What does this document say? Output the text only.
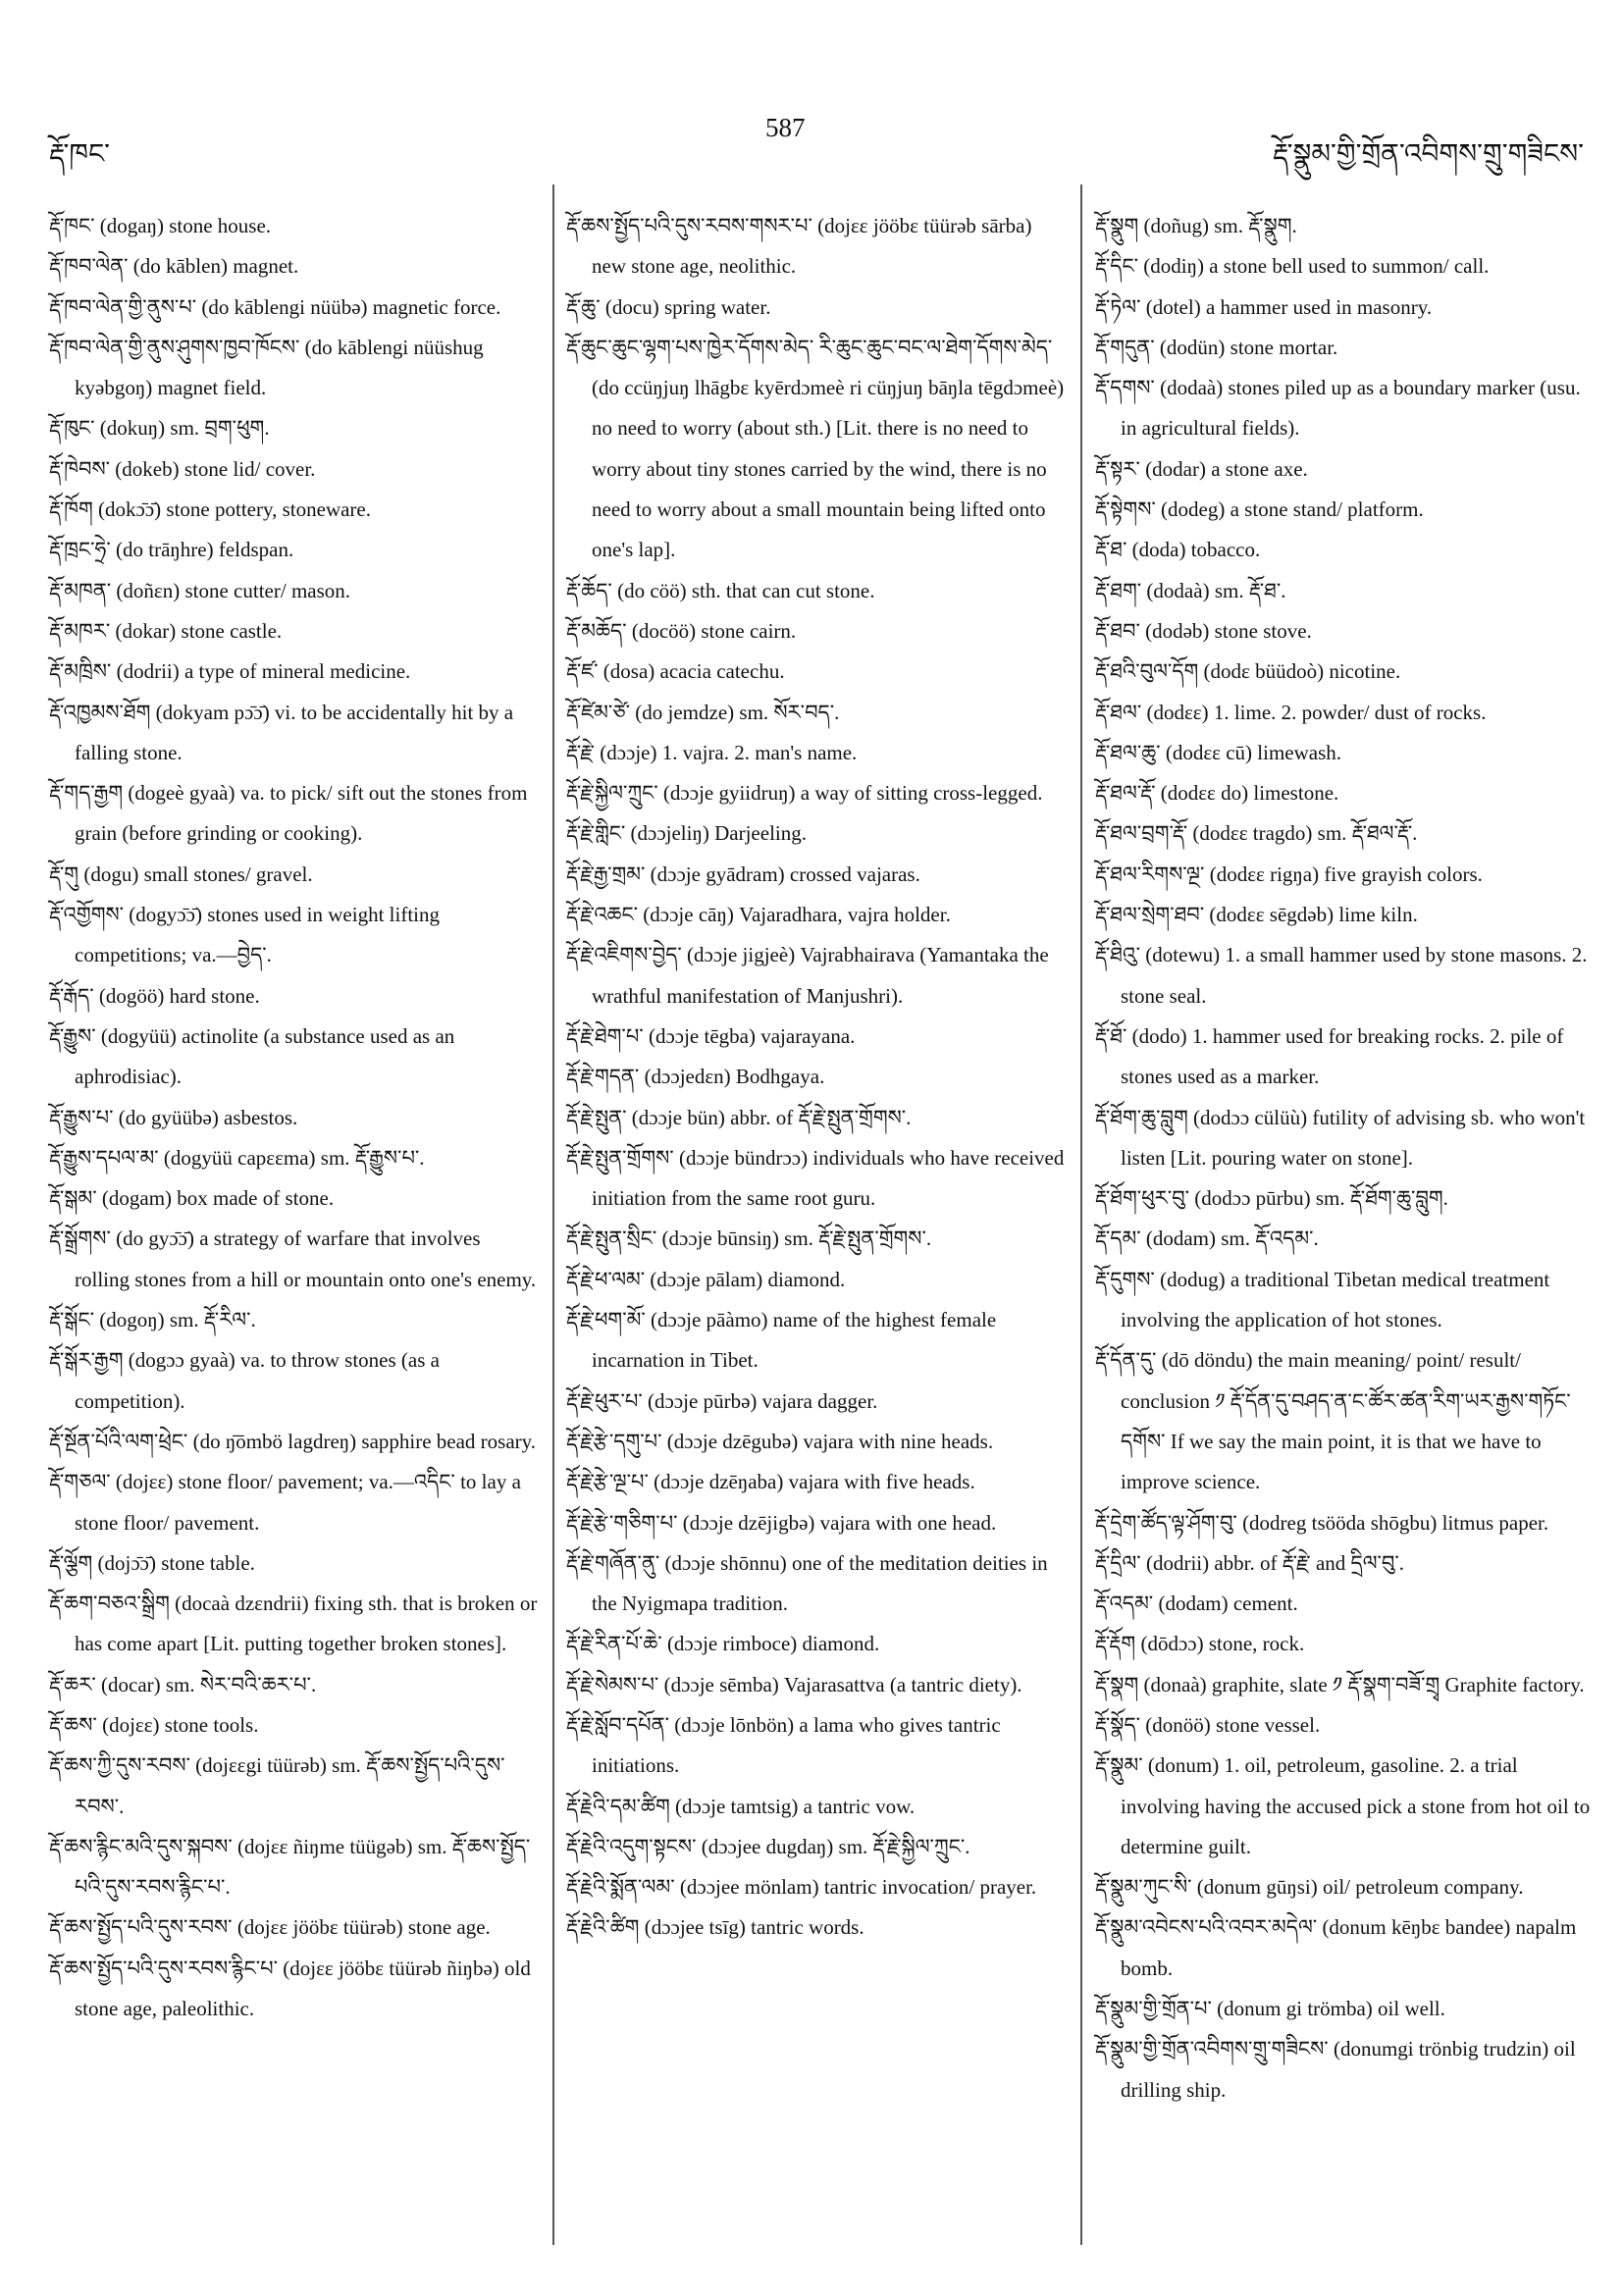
རྡོ་ཁང་
587
རྡོ་སྣུམ་གྱི་གྲོན་འབིགས་གྲུ་གཟིངས་
རྡོ་ཁང་ (dogaŋ) stone house.
རྡོ་ཁབ་ལེན་ (do kāblen) magnet.
རྡོ་ཁབ་ལེན་གྱི་ནུས་པ་ (do kāblengi nüübə) magnetic force.
རྡོ་ཁབ་ལེན་གྱི་ནུས་ཤུགས་ཁྱབ་ཁོངས་ (do kāblengi nüüshug kyəbgoŋ) magnet field.
རྡོ་ཁུང་ (dokuŋ) sm. བྲག་ཕུག.
རྡོ་ཁེབས་ (dokeb) stone lid/ cover.
རྡོ་ཁོག (dokɔ̄ɔ̄) stone pottery, stoneware.
རྡོ་ཁྲང་ཧྲེ་ (do trāŋhre) feldspan.
རྡོ་མཁན་ (doñɛn) stone cutter/ mason.
རྡོ་མཁར་ (dokar) stone castle.
རྡོ་མཁྲིས་ (dodrii) a type of mineral medicine.
རྡོ་འཁྱམས་ཐོག (dokyam pɔ̄ɔ̄) vi. to be accidentally hit by a falling stone.
རྡོ་གད་རྒྱག (dogeè gyaà) va. to pick/ sift out the stones from grain (before grinding or cooking).
རྡོ་གུ (dogu) small stones/ gravel.
རྡོ་འགྱོགས་ (dogyɔ̄ɔ̄) stones used in weight lifting competitions; va.—བྱེད་.
རྡོ་རྒོད་ (dogöö) hard stone.
རྡོ་རྒྱུས་ (dogyüü) actinolite (a substance used as an aphrodisiac).
རྡོ་རྒྱུས་པ་ (do gyüübə) asbestos.
རྡོ་རྒྱུས་དཔལ་མ་ (dogyüü capɛɛma) sm. རྡོ་རྒྱུས་པ་.
རྡོ་སྒམ་ (dogam) box made of stone.
རྡོ་སྒྲོགས་ (do gyɔ̄ɔ̄) a strategy of warfare that involves rolling stones from a hill or mountain onto one's enemy.
རྡོ་སྒོང་ (dogoŋ) sm. རྡོ་རིལ་.
རྡོ་སྒོར་རྒྱག (dogɔɔ gyaà) va. to throw stones (as a competition).
རྡོ་སྔོན་པོའི་ལག་ཕྲེང་ (do ŋ̄ōmbö lagdreŋ) sapphire bead rosary.
རྡོ་གཅལ་ (dojɛɛ) stone floor/ pavement; va.—འདིང་ to lay a stone floor/ pavement.
རྡོ་ལྕོག (dojɔ̄ɔ̄) stone table.
རྡོ་ཆག་བཅའ་སྒྲིག (docaà dzɛndrii) fixing sth. that is broken or has come apart [Lit. putting together broken stones].
རྡོ་ཆར་ (docar) sm. སེར་བའི་ཆར་པ་.
རྡོ་ཆས་ (dojɛɛ) stone tools.
རྡོ་ཆས་ཀྱི་དུས་རབས་ (dojɛɛgi tüürəb) sm. རྡོ་ཆས་སྤྱོད་པའི་དུས་རབས་.
རྡོ་ཆས་རྙིང་མའི་དུས་སྐབས་ (dojɛɛ ñiŋme tüügəb) sm. རྡོ་ཆས་སྤྱོད་པའི་དུས་རབས་རྙིང་པ་.
རྡོ་ཆས་སྤྱོད་པའི་དུས་རབས་ (dojɛɛ jööbɛ tüürəb) stone age.
རྡོ་ཆས་སྤྱོད་པའི་དུས་རབས་རྙིང་པ་ (dojɛɛ jööbɛ tüürəb ñiŋbə) old stone age, paleolithic.
རྡོ་ཆས་སྤྱོད་པའི་དུས་རབས་གསར་པ་ (dojɛɛ jööbɛ tüürəb sārba) new stone age, neolithic.
རྡོ་ཆུ་ (docu) spring water.
རྡོ་ཆུང་ཆུང་ལྷག་པས་ཁྱེར་དོགས་མེད་ རི་ཆུང་ཆུང་བང་ལ་ཐེག་དོགས་མེད་ (do ccüŋjuŋ lhāgbɛ kyērdɔmeè ri cüŋjuŋ bāŋla tēgdɔmeè) no need to worry (about sth.) [Lit. there is no need to worry about tiny stones carried by the wind, there is no need to worry about a small mountain being lifted onto one's lap].
རྡོ་ཆོད་ (do cöö) sth. that can cut stone.
རྡོ་མཆོད་ (docöö) stone cairn.
རྡོ་ཛ་ (dosa) acacia catechu.
རྡོ་ཛེམ་ཙེ་ (do jemdze) sm. སོར་བད་.
རྡོ་རྗེ་ (dɔɔje) 1. vajra. 2. man's name.
རྡོ་རྗེ་སྐྱིལ་ཀྲུང་ (dɔɔje gyiidruŋ) a way of sitting cross-legged.
རྡོ་རྗེ་གླིང་ (dɔɔjeliŋ) Darjeeling.
རྡོ་རྗེ་རྒྱ་གྲམ་ (dɔɔje gyādram) crossed vajaras.
རྡོ་རྗེ་འཆང་ (dɔɔje cāŋ) Vajaradhara, vajra holder.
རྡོ་རྗེ་འཇིགས་བྱེད་ (dɔɔje jigjeè) Vajrabhairava (Yamantaka the wrathful manifestation of Manjushri).
རྡོ་རྗེ་ཐེག་པ་ (dɔɔje tēgba) vajarayana.
རྡོ་རྗེ་གདན་ (dɔɔjedɛn) Bodhgaya.
རྡོ་རྗེ་སྤུན་ (dɔɔje bün) abbr. of རྡོ་རྗེ་སྤུན་གྲོགས་.
རྡོ་རྗེ་སྤུན་གྲོགས་ (dɔɔje bündrɔɔ) individuals who have received initiation from the same root guru.
རྡོ་རྗེ་སྤུན་སྲིང་ (dɔɔje būnsiŋ) sm. རྡོ་རྗེ་སྤུན་གྲོགས་.
རྡོ་རྗེ་ཕ་ལམ་ (dɔɔje pālam) diamond.
རྡོ་རྗེ་ཕག་མོ་ (dɔɔje pāàmo) name of the highest female incarnation in Tibet.
རྡོ་རྗེ་ཕུར་པ་ (dɔɔje pūrbə) vajara dagger.
རྡོ་རྗེ་རྩེ་དགུ་པ་ (dɔɔje dzēgubə) vajara with nine heads.
རྡོ་རྗེ་རྩེ་ལྔ་པ་ (dɔɔje dzēŋaba) vajara with five heads.
རྡོ་རྗེ་རྩེ་གཅིག་པ་ (dɔɔje dzējigbə) vajara with one head.
རྡོ་རྗེ་གཞོན་ནུ་ (dɔɔje shōnnu) one of the meditation deities in the Nyigmapa tradition.
རྡོ་རྗེ་རིན་པོ་ཆེ་ (dɔɔje rimboce) diamond.
རྡོ་རྗེ་སེམས་པ་ (dɔɔje sēmba) Vajarasattva (a tantric diety).
རྡོ་རྗེ་སློབ་དཔོན་ (dɔɔje lōnbön) a lama who gives tantric initiations.
རྡོ་རྗེའི་དམ་ཚིག (dɔɔje tamtsig) a tantric vow.
རྡོ་རྗེའི་འདུག་སྟངས་ (dɔɔjee dugdaŋ) sm. རྡོ་རྗེ་སྐྱིལ་ཀྲུང་.
རྡོ་རྗེའི་སྨོན་ལམ་ (dɔɔjee mönlam) tantric invocation/ prayer.
རྡོ་རྗེའི་ཚིག (dɔɔjee tsīg) tantric words.
རྡོ་སྣུག (doñug) sm. རྡོ་སྣུག.
རྡོ་དིང་ (dodiŋ) a stone bell used to summon/ call.
རྡོ་ཏེལ་ (dotel) a hammer used in masonry.
རྡོ་གདུན་ (dodün) stone mortar.
རྡོ་དགས་ (dodaà) stones piled up as a boundary marker (usu. in agricultural fields).
རྡོ་སྟར་ (dodar) a stone axe.
རྡོ་སྟེགས་ (dodeg) a stone stand/ platform.
རྡོ་ཐ་ (doda) tobacco.
རྡོ་ཐག་ (dodaà) sm. རྡོ་ཐ་.
རྡོ་ཐབ་ (dodəb) stone stove.
རྡོ་ཐའི་བུལ་དོག (dodɛ büüdoò) nicotine.
རྡོ་ཐལ་ (dodɛɛ) 1. lime. 2. powder/ dust of rocks.
རྡོ་ཐལ་ཆུ་ (dodɛɛ cū) limewash.
རྡོ་ཐལ་རྡོ་ (dodɛɛ do) limestone.
རྡོ་ཐལ་བྲག་རྡོ་ (dodɛɛ tragdo) sm. རྡོ་ཐལ་རྡོ་.
རྡོ་ཐལ་རིགས་ལྔ་ (dodɛɛ rigŋa) five grayish colors.
རྡོ་ཐལ་སྲེག་ཐབ་ (dodɛɛ sēgdəb) lime kiln.
རྡོ་ཐིའུ་ (dotewu) 1. a small hammer used by stone masons. 2. stone seal.
རྡོ་ཐོ་ (dodo) 1. hammer used for breaking rocks. 2. pile of stones used as a marker.
རྡོ་ཐོག་ཆུ་བླུག (dodɔɔ cülüù) futility of advising sb. who won't listen [Lit. pouring water on stone].
རྡོ་ཐོག་ཕུར་བུ་ (dodɔɔ pūrbu) sm. རྡོ་ཐོག་ཆུ་བླུག.
རྡོ་དམ་ (dodam) sm. རྡོ་འདམ་.
རྡོ་དུགས་ (dodug) a traditional Tibetan medical treatment involving the application of hot stones.
རྡོ་དོན་དུ་ (dō döndu) the main meaning/ point/ result/ conclusion ༡ རྡོ་དོན་དུ་བཤད་ན་ང་ཚོར་ཚན་རིག་ཡར་རྒྱས་གཏོང་དགོས་ If we say the main point, it is that we have to improve science.
རྡོ་དྲེག་ཚོད་ལྟ་ཤོག་བུ་ (dodreg tsööda shōgbu) litmus paper.
རྡོ་དྲིལ་ (dodrii) abbr. of རྡོ་རྗེ་ and དྲིལ་བུ་.
རྡོ་འདམ་ (dodam) cement.
རྡོ་རྡོག (dōdɔɔ) stone, rock.
རྡོ་སྣག (donaà) graphite, slate ༡ རྡོ་སྣག་བཟོ་གྲྭ Graphite factory.
རྡོ་སྣོད་ (donöö) stone vessel.
རྡོ་སྣུམ་ (donum) 1. oil, petroleum, gasoline. 2. a trial involving having the accused pick a stone from hot oil to determine guilt.
རྡོ་སྣུམ་ཀུང་སི་ (donum gūŋsi) oil/ petroleum company.
རྡོ་སྣུམ་འབེངས་པའི་འབར་མདེལ་ (donum kēŋbɛ bandee) napalm bomb.
རྡོ་སྣུམ་གྱི་གྲོན་པ་ (donum gi trömba) oil well.
རྡོ་སྣུམ་གྱི་གྲོན་འབིགས་གྲུ་གཟིངས་ (donumgi trönbig trudzin) oil drilling ship.
